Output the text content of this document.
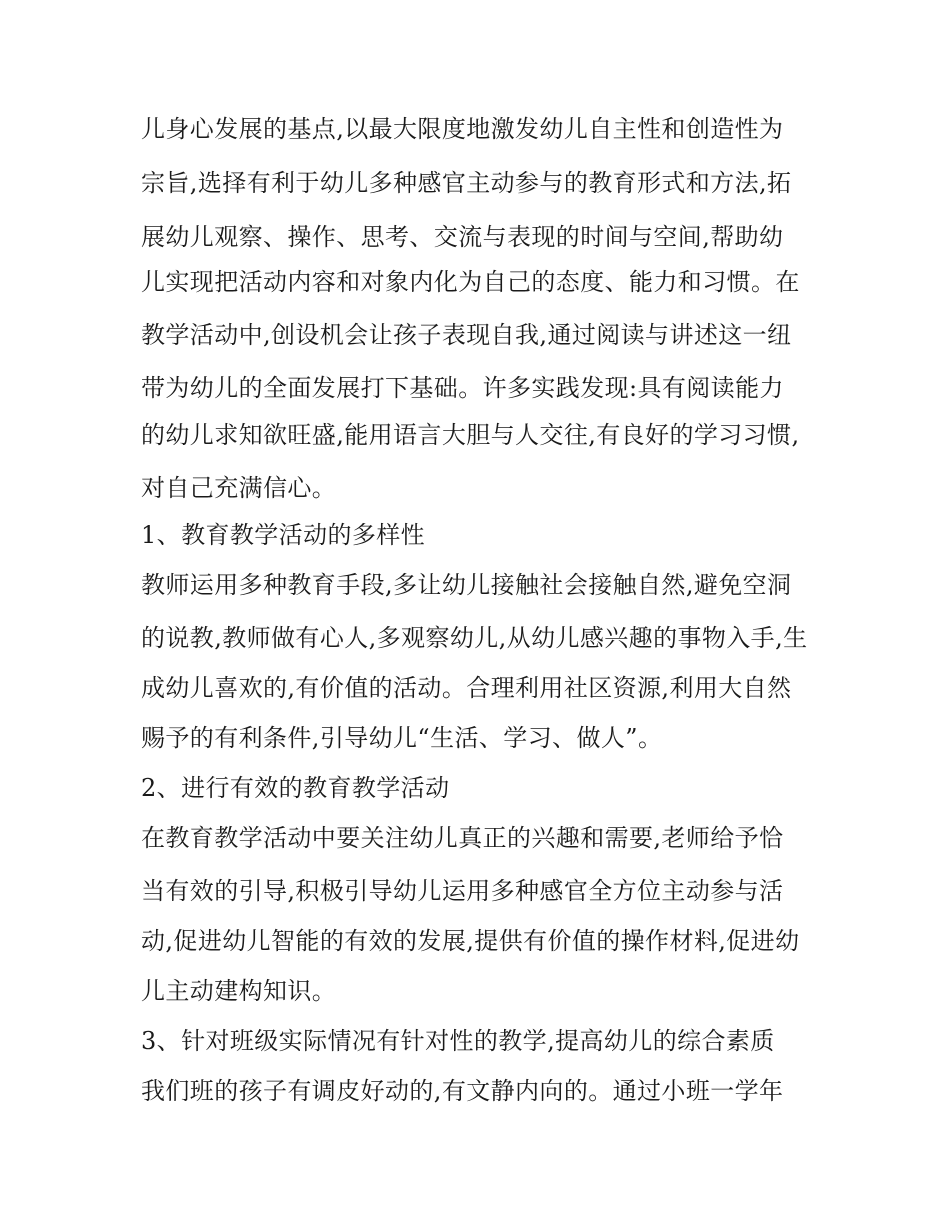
儿身心发展的基点,以最大限度地激发幼儿自主性和创造性为
宗旨,选择有利于幼儿多种感官主动参与的教育形式和方法,拓
展幼儿观察、操作、思考、交流与表现的时间与空间,帮助幼
儿实现把活动内容和对象内化为自己的态度、能力和习惯。在
教学活动中,创设机会让孩子表现自我,通过阅读与讲述这一纽
带为幼儿的全面发展打下基础。许多实践发现:具有阅读能力
的幼儿求知欲旺盛,能用语言大胆与人交往,有良好的学习习惯,
对自己充满信心。
1、教育教学活动的多样性
教师运用多种教育手段,多让幼儿接触社会接触自然,避免空洞
的说教,教师做有心人,多观察幼儿,从幼儿感兴趣的事物入手,生
成幼儿喜欢的,有价值的活动。合理利用社区资源,利用大自然
赐予的有利条件,引导幼儿“生活、学习、做人”。
2、进行有效的教育教学活动
在教育教学活动中要关注幼儿真正的兴趣和需要,老师给予恰
当有效的引导,积极引导幼儿运用多种感官全方位主动参与活
动,促进幼儿智能的有效的发展,提供有价值的操作材料,促进幼
儿主动建构知识。
3、针对班级实际情况有针对性的教学,提高幼儿的综合素质
我们班的孩子有调皮好动的,有文静内向的。通过小班一学年
